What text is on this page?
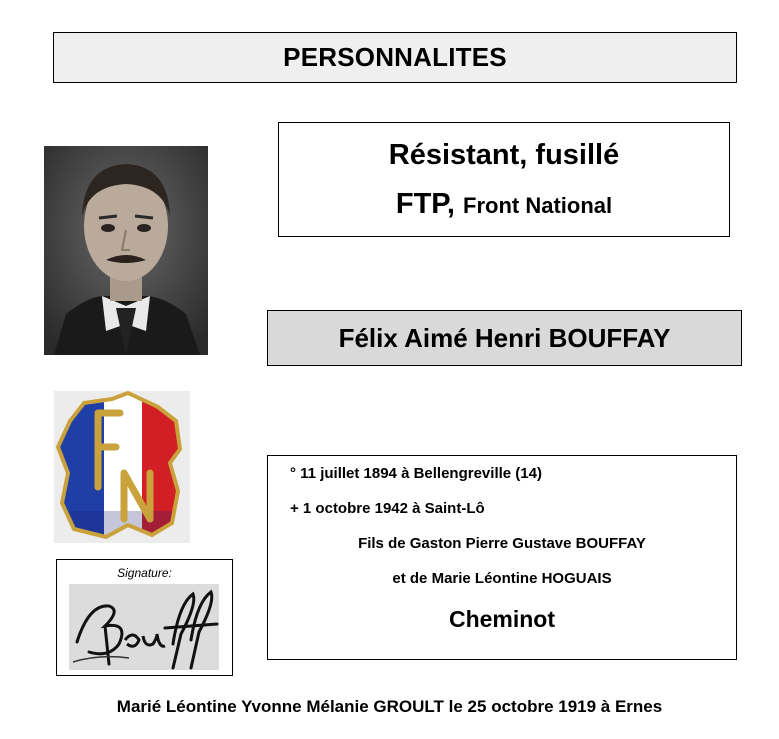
PERSONNALITES
Résistant, fusillé
FTP, Front National
Félix Aimé Henri BOUFFAY
Signature:
° 11 juillet 1894 à Bellengreville (14)
+ 1 octobre 1942 à Saint-Lô
Fils de Gaston Pierre Gustave BOUFFAY
et de Marie Léontine HOGUAIS
Cheminot
Marié Léontine Yvonne Mélanie GROULT le 25 octobre 1919 à Ernes
